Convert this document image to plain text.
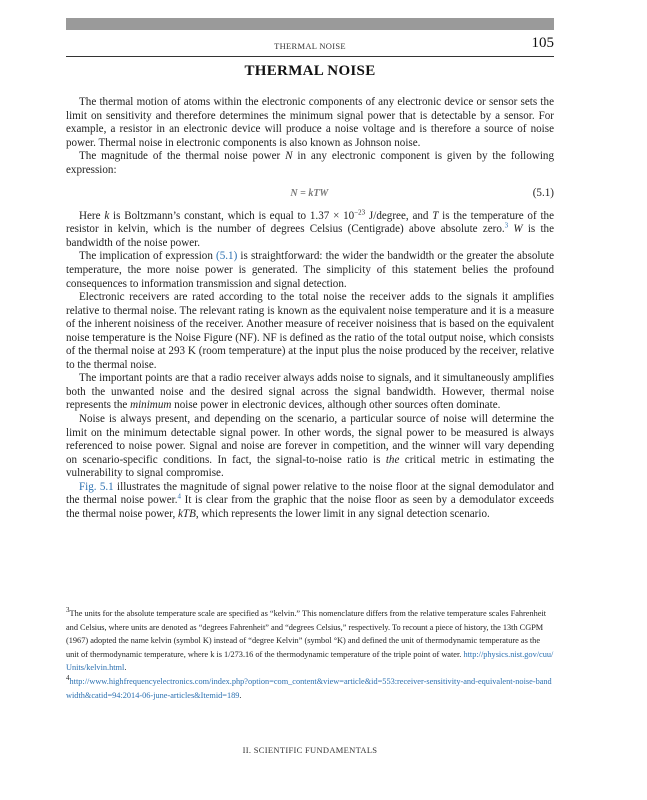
THERMAL NOISE	105
THERMAL NOISE

The thermal motion of atoms within the electronic components of any electronic device or sensor sets the limit on sensitivity and therefore determines the minimum signal power that is detectable by a sensor. For example, a resistor in an electronic device will produce a noise voltage and is therefore a source of noise power. Thermal noise in electronic components is also known as Johnson noise.

The magnitude of the thermal noise power N in any electronic component is given by the following expression:

N = kTW	(5.1)

Here k is Boltzmann’s constant, which is equal to $1.37 \times 10^{-23}$ J/degree, and T is the temperature of the resistor in kelvin, which is the number of degrees Celsius (Centigrade) above absolute zero.$^3$ W is the bandwidth of the noise power.

The implication of expression (5.1) is straightforward: the wider the bandwidth or the greater the absolute temperature, the more noise power is generated. The simplicity of this statement belies the profound consequences to information transmission and signal detection.

Electronic receivers are rated according to the total noise the receiver adds to the signals it amplifies relative to thermal noise. The relevant rating is known as the equivalent noise temperature and it is a measure of the inherent noisiness of the receiver. Another measure of receiver noisiness that is based on the equivalent noise temperature is the Noise Figure (NF). NF is defined as the ratio of the total output noise, which consists of the thermal noise at 293 K (room temperature) at the input plus the noise produced by the receiver, relative to the thermal noise.

The important points are that a radio receiver always adds noise to signals, and it simultaneously amplifies both the unwanted noise and the desired signal across the signal bandwidth. However, thermal noise represents the minimum noise power in electronic devices, although other sources often dominate.

Noise is always present, and depending on the scenario, a particular source of noise will determine the limit on the minimum detectable signal power. In other words, the signal power to be measured is always referenced to noise power. Signal and noise are forever in competition, and the winner will vary depending on scenario-specific conditions. In fact, the signal-to-noise ratio is the critical metric in estimating the vulnerability to signal compromise.

Fig. 5.1 illustrates the magnitude of signal power relative to the noise floor at the signal demodulator and the thermal noise power.$^4$ It is clear from the graphic that the noise floor as seen by a demodulator exceeds the thermal noise power, kTB, which represents the lower limit in any signal detection scenario.

$^3$The units for the absolute temperature scale are specified as “kelvin.” This nomenclature differs from the relative temperature scales Fahrenheit and Celsius, where units are denoted as “degrees Fahrenheit” and “degrees Celsius,” respectively. To recount a piece of history, the 13th CGPM (1967) adopted the name kelvin (symbol K) instead of “degree Kelvin” (symbol °K) and defined the unit of thermodynamic temperature as the unit of thermodynamic temperature, where k is 1/273.16 of the thermodynamic temperature of the triple point of water. http://physics.nist.gov/cuu/Units/kelvin.html.

$^4$http://www.highfrequencyelectronics.com/index.php?option=com_content&view=article&id=553:receiver-sensitivity-and-equivalent-noise-bandwidth&catid=94:2014-06-june-articles&Itemid=189.

II. SCIENTIFIC FUNDAMENTALS
